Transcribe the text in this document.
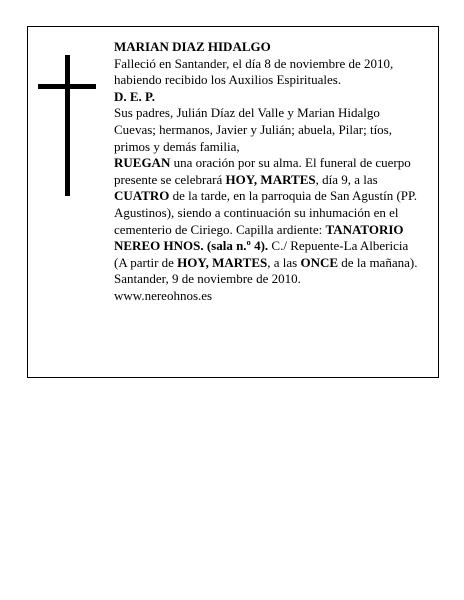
MARIAN DIAZ HIDALGO

Falleció en Santander, el día 8 de noviembre de 2010, habiendo recibido los Auxilios Espirituales.

D. E. P.

Sus padres, Julián Díaz del Valle y Marian Hidalgo Cuevas; hermanos, Javier y Julián; abuela, Pilar; tíos, primos y demás familia,

RUEGAN una oración por su alma. El funeral de cuerpo presente se celebrará HOY, MARTES, día 9, a las CUATRO de la tarde, en la parroquia de San Agustín (PP. Agustinos), siendo a continuación su inhumación en el cementerio de Ciriego. Capilla ardiente: TANATORIO NEREO HNOS. (sala n.º 4). C./ Repuente-La Albericia (A partir de HOY, MARTES, a las ONCE de la mañana).

Santander, 9 de noviembre de 2010.

www.nereohnos.es
